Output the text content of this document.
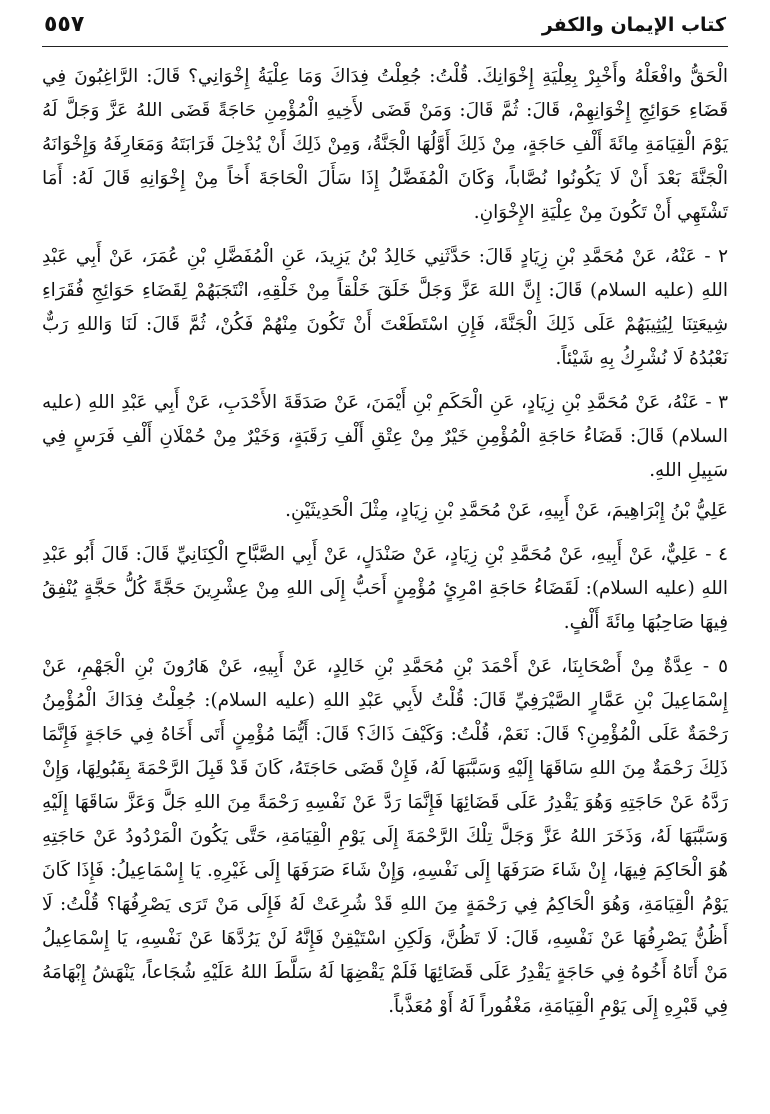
٥٥٧	كتاب الإيمان والكفر

الْحَقُّ وافْعَلْهُ وأَخْبِرْ بِعِلْيَةِ إِخْوَانِكَ. قُلْتُ: جُعِلْتُ فِدَاكَ وَمَا عِلْيَةُ إِخْوَانِي؟ قَالَ: الرَّاغِبُونَ فِي قَضَاءِ حَوَائِجِ إِخْوَانِهِمْ، قَالَ: ثُمَّ قَالَ: وَمَنْ قَضَى لأَخِيهِ الْمُؤْمِنِ حَاجَةً قَضَى اللهُ عَزَّ وَجَلَّ لَهُ يَوْمَ الْقِيَامَةِ مِائَةَ أَلْفِ حَاجَةٍ، مِنْ ذَلِكَ أَوَّلُهَا الْجَنَّةُ، وَمِنْ ذَلِكَ أَنْ يُدْخِلَ قَرَابَتَهُ وَمَعَارِفَهُ وَإِخْوَانَهُ الْجَنَّةَ بَعْدَ أَنْ لَا يَكُونُوا نُصَّاباً، وَكَانَ الْمُفَضَّلُ إِذَا سَأَلَ الْحَاجَةَ أَخاً مِنْ إِخْوَانِهِ قَالَ لَهُ: أَمَا تَشْتَهِي أَنْ تَكُونَ مِنْ عِلْيَةِ الإِخْوَانِ.

٢ - عَنْهُ، عَنْ مُحَمَّدِ بْنِ زِيَادٍ قَالَ: حَدَّثَنِي خَالِدُ بْنُ يَزِيدَ، عَنِ الْمُفَضَّلِ بْنِ عُمَرَ، عَنْ أَبِي عَبْدِ اللهِ (عليه السلام) قَالَ: إِنَّ اللهَ عَزَّ وَجَلَّ خَلَقَ خَلْقاً مِنْ خَلْقِهِ، انْتَجَبَهُمْ لِقَضَاءِ حَوَائِجِ فُقَرَاءِ شِيعَتِنَا لِيُثِيبَهُمْ عَلَى ذَلِكَ الْجَنَّةَ، فَإِنِ اسْتَطَعْتَ أَنْ تَكُونَ مِنْهُمْ فَكُنْ، ثُمَّ قَالَ: لَنَا وَاللهِ رَبٌّ نَعْبُدُهُ لَا نُشْرِكُ بِهِ شَيْئاً.

٣ - عَنْهُ، عَنْ مُحَمَّدِ بْنِ زِيَادٍ، عَنِ الْحَكَمِ بْنِ أَيْمَنَ، عَنْ صَدَقَةَ الأَحْدَبِ، عَنْ أَبِي عَبْدِ اللهِ (عليه السلام) قَالَ: قَضَاءُ حَاجَةِ الْمُؤْمِنِ خَيْرٌ مِنْ عِتْقِ أَلْفِ رَقَبَةٍ، وَخَيْرٌ مِنْ حُمْلَانِ أَلْفِ فَرَسٍ فِي سَبِيلِ اللهِ.

عَلِيُّ بْنُ إِبْرَاهِيمَ، عَنْ أَبِيهِ، عَنْ مُحَمَّدِ بْنِ زِيَادٍ، مِثْلَ الْحَدِيثَيْنِ.

٤ - عَلِيٌّ، عَنْ أَبِيهِ، عَنْ مُحَمَّدِ بْنِ زِيَادٍ، عَنْ صَنْدَلٍ، عَنْ أَبِي الصَّبَّاحِ الْكِنَانِيِّ قَالَ: قَالَ أَبُو عَبْدِ اللهِ (عليه السلام): لَقَضَاءُ حَاجَةِ امْرِئٍ مُؤْمِنٍ أَحَبُّ إِلَى اللهِ مِنْ عِشْرِينَ حَجَّةً كُلُّ حَجَّةٍ يُنْفِقُ فِيهَا صَاحِبُهَا مِائَةَ أَلْفٍ.

٥ - عِدَّةٌ مِنْ أَصْحَابِنَا، عَنْ أَحْمَدَ بْنِ مُحَمَّدِ بْنِ خَالِدٍ، عَنْ أَبِيهِ، عَنْ هَارُونَ بْنِ الْجَهْمِ، عَنْ إِسْمَاعِيلَ بْنِ عَمَّارٍ الصَّيْرَفِيِّ قَالَ: قُلْتُ لأَبِي عَبْدِ اللهِ (عليه السلام): جُعِلْتُ فِدَاكَ الْمُؤْمِنُ رَحْمَةٌ عَلَى الْمُؤْمِنِ؟ قَالَ: نَعَمْ، قُلْتُ: وَكَيْفَ ذَاكَ؟ قَالَ: أَيُّمَا مُؤْمِنٍ أَتَى أَخَاهُ فِي حَاجَةٍ فَإِنَّمَا ذَلِكَ رَحْمَةٌ مِنَ اللهِ سَاقَهَا إِلَيْهِ وَسَبَّبَهَا لَهُ، فَإِنْ قَضَى حَاجَتَهُ، كَانَ قَدْ قَبِلَ الرَّحْمَةَ بِقَبُولِهَا، وَإِنْ رَدَّهُ عَنْ حَاجَتِهِ وَهُوَ يَقْدِرُ عَلَى قَضَائِهَا فَإِنَّمَا رَدَّ عَنْ نَفْسِهِ رَحْمَةً مِنَ اللهِ جَلَّ وَعَزَّ سَاقَهَا إِلَيْهِ وَسَبَّبَهَا لَهُ، وَذَخَرَ اللهُ عَزَّ وَجَلَّ تِلْكَ الرَّحْمَةَ إِلَى يَوْمِ الْقِيَامَةِ، حَتَّى يَكُونَ الْمَرْدُودُ عَنْ حَاجَتِهِ هُوَ الْحَاكِمَ فِيهَا، إِنْ شَاءَ صَرَفَهَا إِلَى نَفْسِهِ، وَإِنْ شَاءَ صَرَفَهَا إِلَى غَيْرِهِ. يَا إِسْمَاعِيلُ: فَإِذَا كَانَ يَوْمُ الْقِيَامَةِ، وَهُوَ الْحَاكِمُ فِي رَحْمَةٍ مِنَ اللهِ قَدْ شُرِعَتْ لَهُ فَإِلَى مَنْ تَرَى يَصْرِفُهَا؟ قُلْتُ: لَا أَظُنُّ يَصْرِفُهَا عَنْ نَفْسِهِ، قَالَ: لَا تَظُنَّ، وَلَكِنِ اسْتَيْقِنْ فَإِنَّهُ لَنْ يَرُدَّهَا عَنْ نَفْسِهِ، يَا إِسْمَاعِيلُ مَنْ أَتَاهُ أَخُوهُ فِي حَاجَةٍ يَقْدِرُ عَلَى قَضَائِهَا فَلَمْ يَقْضِهَا لَهُ سَلَّطَ اللهُ عَلَيْهِ شُجَاعاً، يَنْهَشُ إِبْهَامَهُ فِي قَبْرِهِ إِلَى يَوْمِ الْقِيَامَةِ، مَغْفُوراً لَهُ أَوْ مُعَذَّباً.
